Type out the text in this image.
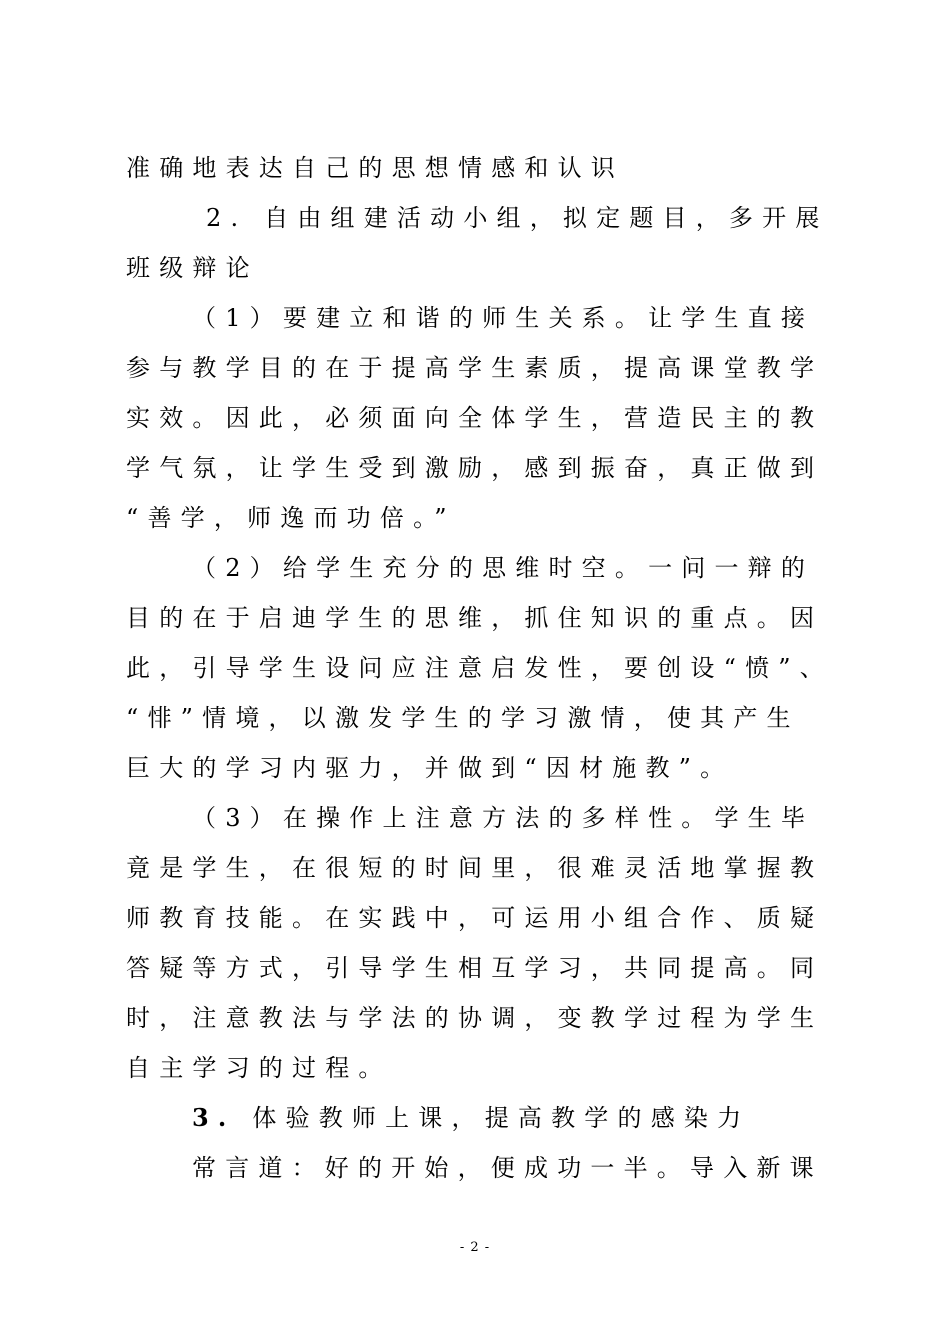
准确地表达自己的思想情感和认识
2. 自由组建活动小组，拟定题目，多开展
班级辩论
（1）要建立和谐的师生关系。让学生直接
参与教学目的在于提高学生素质，提高课堂教学
实效。因此，必须面向全体学生，营造民主的教
学气氛，让学生受到激励，感到振奋，真正做到
“善学，师逸而功倍。”
（2）给学生充分的思维时空。一问一辩的
目的在于启迪学生的思维，抓住知识的重点。因
此，引导学生设问应注意启发性，要创设“愤”、
“悱”情境，以激发学生的学习激情，使其产生
巨大的学习内驱力，并做到“因材施教”。
（3）在操作上注意方法的多样性。学生毕
竟是学生，在很短的时间里，很难灵活地掌握教
师教育技能。在实践中，可运用小组合作、质疑
答疑等方式，引导学生相互学习，共同提高。同
时，注意教法与学法的协调，变教学过程为学生
自主学习的过程。
3. 体验教师上课，提高教学的感染力
常言道：好的开始，便成功一半。导入新课
- 2 -
